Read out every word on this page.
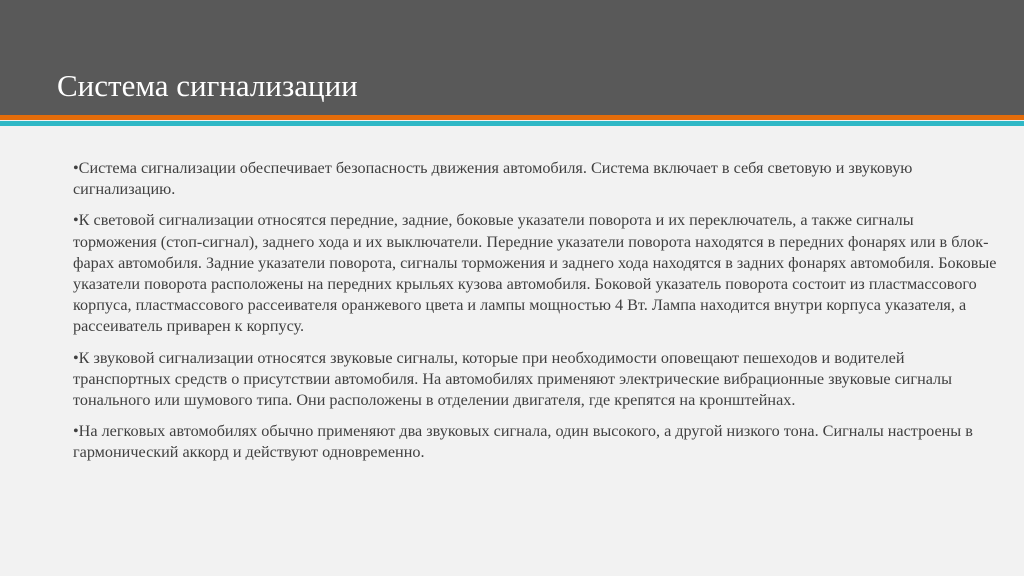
Система сигнализации

•Система сигнализации обеспечивает безопасность движения автомобиля. Система включает в себя световую и звуковую сигнализацию.

•К световой сигнализации относятся передние, задние, боковые указатели поворота и их переключатель, а также сигналы торможения (стоп-сигнал), заднего хода и их выключатели. Передние указатели поворота находятся в передних фонарях или в блок-фарах автомобиля. Задние указатели поворота, сигналы торможения и заднего хода находятся в задних фонарях автомобиля. Боковые указатели поворота расположены на передних крыльях кузова автомобиля. Боковой указатель поворота состоит из пластмассового корпуса, пластмассового рассеивателя оранжевого цвета и лампы мощностью 4 Вт. Лампа находится внутри корпуса указателя, а рассеиватель приварен к корпусу.

•К звуковой сигнализации относятся звуковые сигналы, которые при необходимости оповещают пешеходов и водителей транспортных средств о присутствии автомобиля. На автомобилях применяют электрические вибрационные звуковые сигналы тонального или шумового типа. Они расположены в отделении двигателя, где крепятся на кронштейнах.

•На легковых автомобилях обычно применяют два звуковых сигнала, один высокого, а другой низкого тона. Сигналы настроены в гармонический аккорд и действуют одновременно.
